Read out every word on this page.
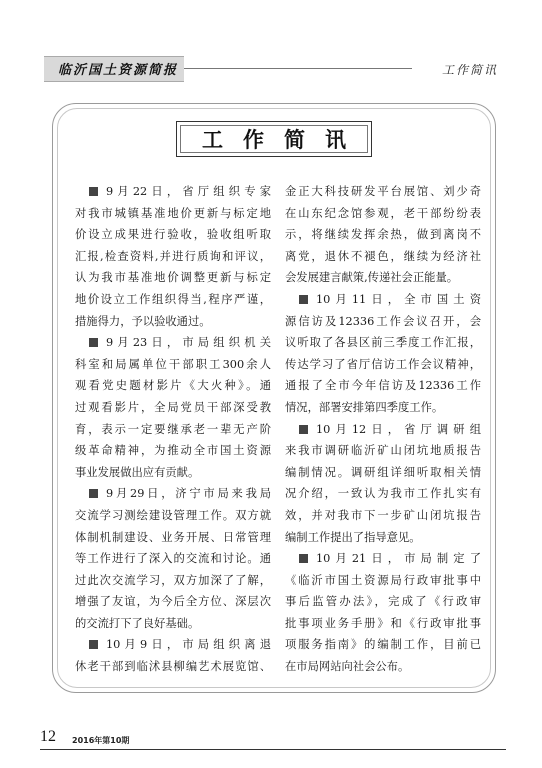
临沂国土资源简报	工作简讯
工作简讯
9月22日，省厅组织专家
对我市城镇基准地价更新与标定地
价设立成果进行验收，验收组听取
汇报,检查资料,并进行质询和评议，
认为我市基准地价调整更新与标定
地价设立工作组织得当,程序严谨，
措施得力，予以验收通过。
9月23日，市局组织机关
科室和局属单位干部职工300余人
观看党史题材影片《大火种》。通
过观看影片，全局党员干部深受教
育，表示一定要继承老一辈无产阶
级革命精神，为推动全市国土资源
事业发展做出应有贡献。
9月29日，济宁市局来我局
交流学习测绘建设管理工作。双方就
体制机制建设、业务开展、日常管理
等工作进行了深入的交流和讨论。通
过此次交流学习，双方加深了了解，
增强了友谊，为今后全方位、深层次
的交流打下了良好基础。
10月9日，市局组织离退
休老干部到临沭县柳编艺术展览馆、
金正大科技研发平台展馆、刘少奇
在山东纪念馆参观，老干部纷纷表
示，将继续发挥余热，做到离岗不
离党，退休不褪色，继续为经济社
会发展建言献策,传递社会正能量。
10月11日，全市国土资
源信访及12336工作会议召开，会
议听取了各县区前三季度工作汇报，
传达学习了省厅信访工作会议精神，
通报了全市今年信访及12336工作
情况，部署安排第四季度工作。
10月12日，省厅调研组
来我市调研临沂矿山闭坑地质报告
编制情况。调研组详细听取相关情
况介绍，一致认为我市工作扎实有
效，并对我市下一步矿山闭坑报告
编制工作提出了指导意见。
10月21日，市局制定了
《临沂市国土资源局行政审批事中
事后监管办法》，完成了《行政审
批事项业务手册》和《行政审批事
项服务指南》的编制工作，目前已
在市局网站向社会公布。
12 2016年第10期
